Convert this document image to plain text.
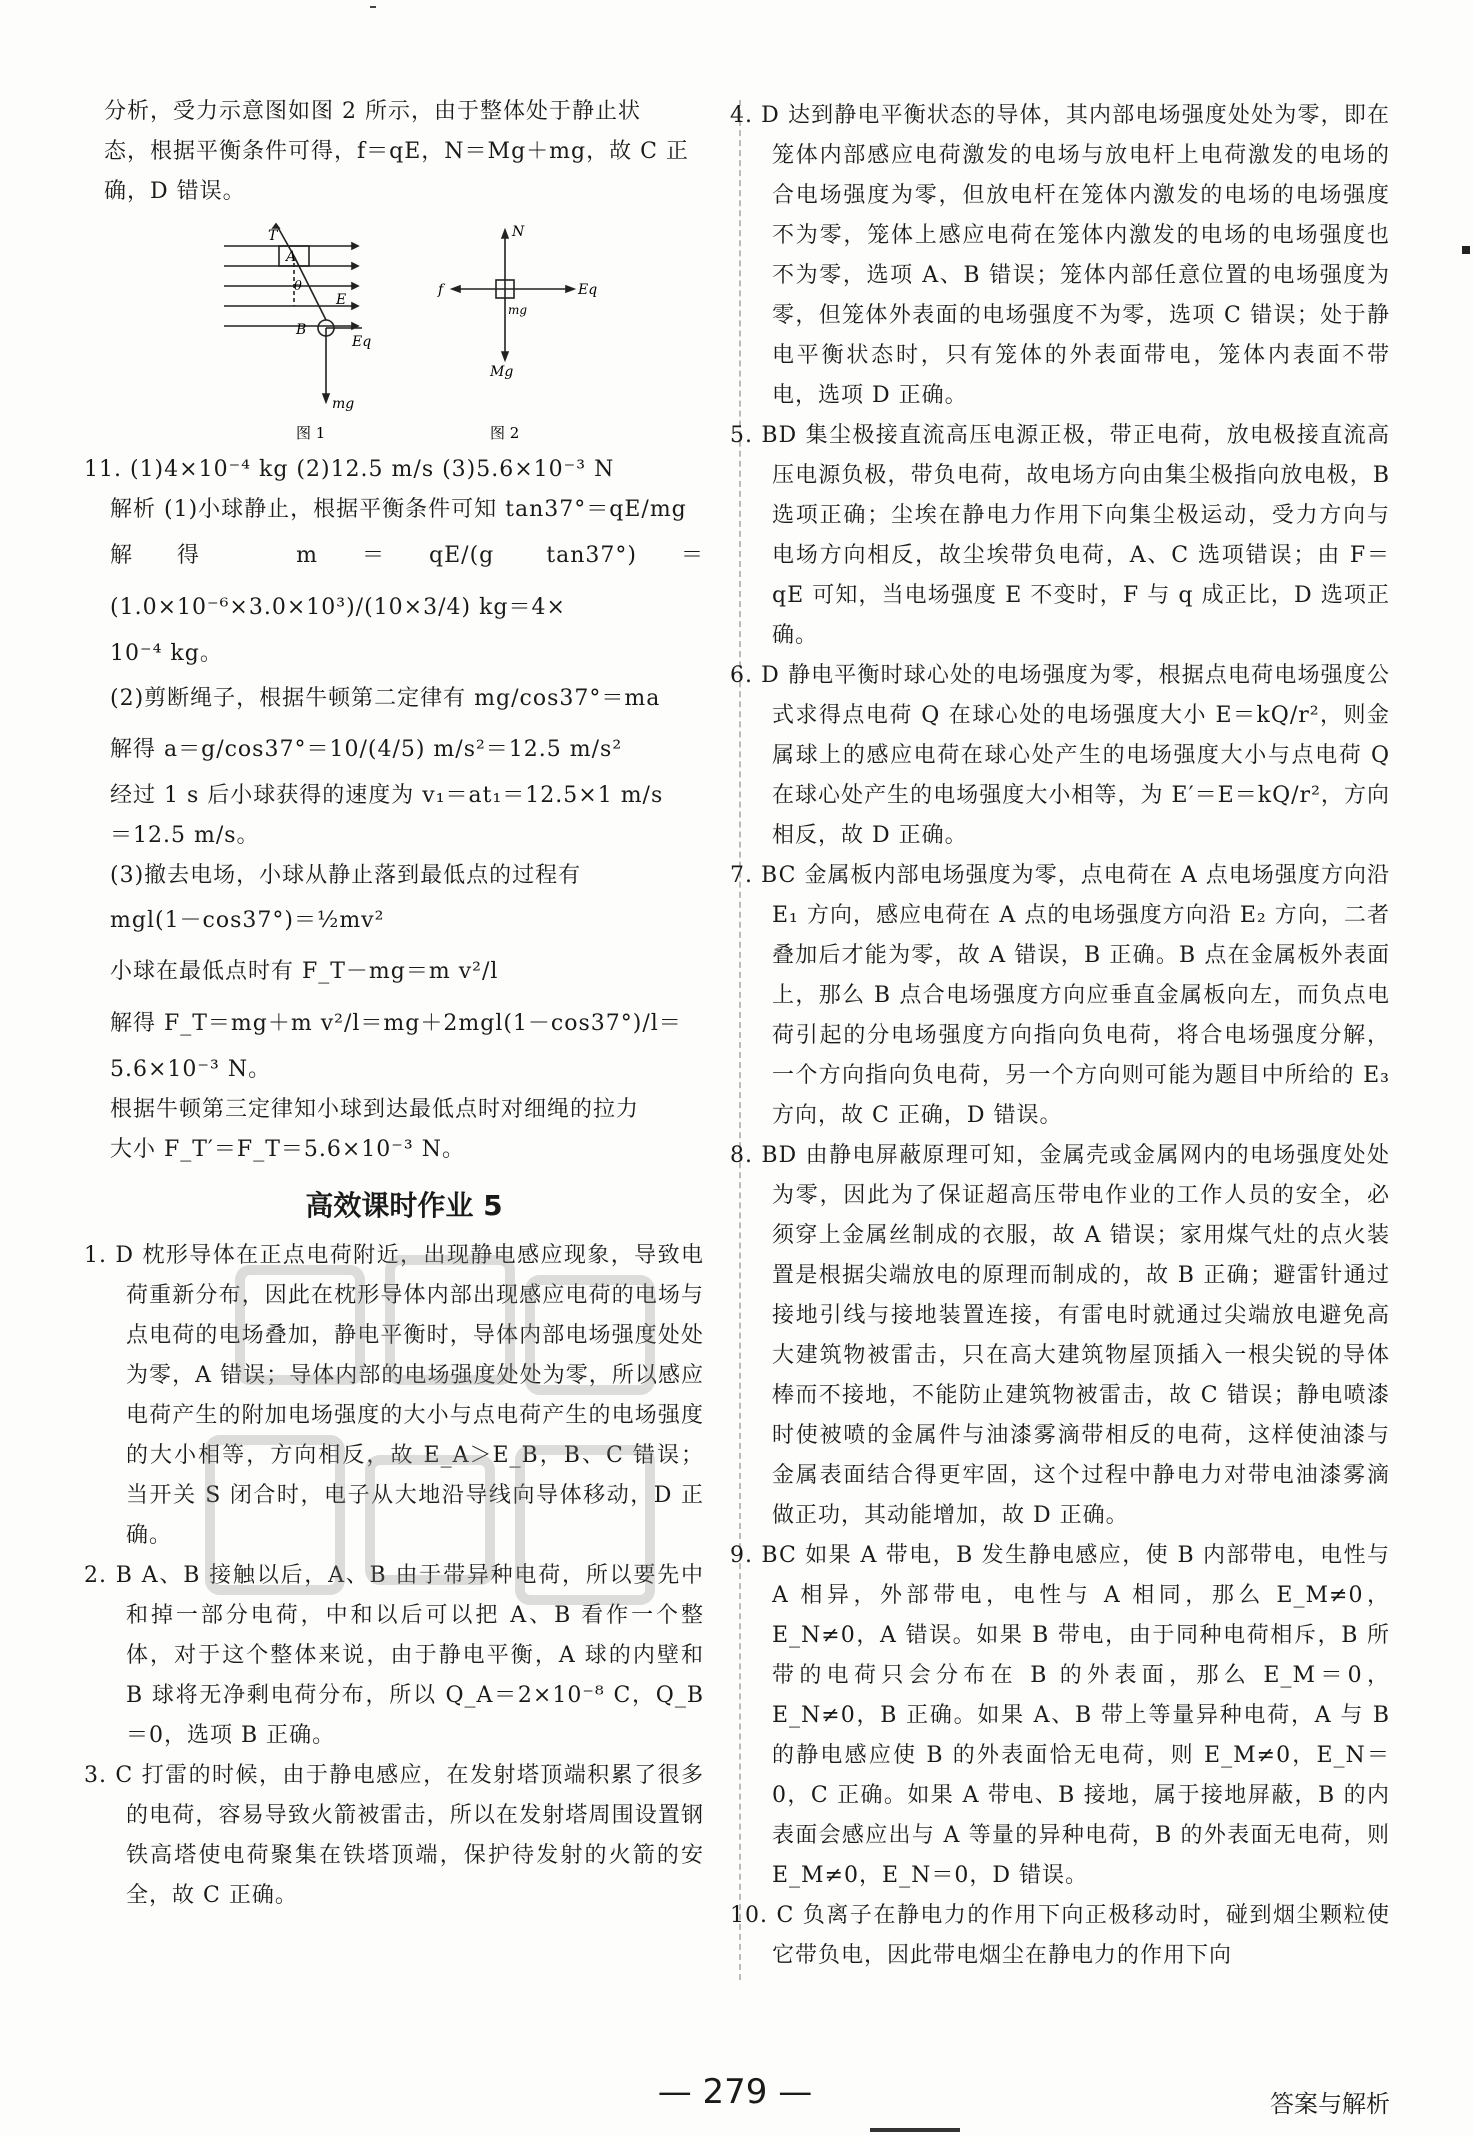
分析，受力示意图如图 2 所示，由于整体处于静止状

态，根据平衡条件可得，f＝qE，N＝Mg＋mg，故 C 正

确，D 错误。

T
A
θ
E
B
Eq
mg
图 1
N
f	Eq
mg
Mg
图 2

11. (1)4×10⁻⁴ kg (2)12.5 m/s (3)5.6×10⁻³ N

解析 (1)小球静止，根据平衡条件可知 tan37°＝qE/mg

解得 m＝qE/(g tan37°)＝(1.0×10⁻⁶×3.0×10³)/(10×3/4) kg＝4×

10⁻⁴ kg。

(2)剪断绳子，根据牛顿第二定律有 mg/cos37°＝ma

解得 a＝g/cos37°＝10/(4/5) m/s²＝12.5 m/s²

经过 1 s 后小球获得的速度为 v₁＝at₁＝12.5×1 m/s

＝12.5 m/s。

(3)撤去电场，小球从静止落到最低点的过程有

mgl(1－cos37°)＝½mv²

小球在最低点时有 F_T－mg＝m v²/l

解得 F_T＝mg＋m v²/l＝mg＋2mgl(1－cos37°)/l＝

5.6×10⁻³ N。

根据牛顿第三定律知小球到达最低点时对细绳的拉力

大小 F_T′＝F_T＝5.6×10⁻³ N。

高效课时作业 5

1. D 枕形导体在正点电荷附近，出现静电感应现象，导致电荷重新分布，因此在枕形导体内部出现感应电荷的电场与点电荷的电场叠加，静电平衡时，导体内部电场强度处处为零，A 错误；导体内部的电场强度处处为零，所以感应电荷产生的附加电场强度的大小与点电荷产生的电场强度的大小相等，方向相反，故 E_A＞E_B，B、C 错误；当开关 S 闭合时，电子从大地沿导线向导体移动，D 正确。

2. B A、B 接触以后，A、B 由于带异种电荷，所以要先中和掉一部分电荷，中和以后可以把 A、B 看作一个整体，对于这个整体来说，由于静电平衡，A 球的内壁和 B 球将无净剩电荷分布，所以 Q_A＝2×10⁻⁸ C，Q_B＝0，选项 B 正确。

3. C 打雷的时候，由于静电感应，在发射塔顶端积累了很多的电荷，容易导致火箭被雷击，所以在发射塔周围设置钢铁高塔使电荷聚集在铁塔顶端，保护待发射的火箭的安全，故 C 正确。

4. D 达到静电平衡状态的导体，其内部电场强度处处为零，即在笼体内部感应电荷激发的电场与放电杆上电荷激发的电场的合电场强度为零，但放电杆在笼体内激发的电场的电场强度不为零，笼体上感应电荷在笼体内激发的电场的电场强度也不为零，选项 A、B 错误；笼体内部任意位置的电场强度为零，但笼体外表面的电场强度不为零，选项 C 错误；处于静电平衡状态时，只有笼体的外表面带电，笼体内表面不带电，选项 D 正确。

5. BD 集尘极接直流高压电源正极，带正电荷，放电极接直流高压电源负极，带负电荷，故电场方向由集尘极指向放电极，B 选项正确；尘埃在静电力作用下向集尘极运动，受力方向与电场方向相反，故尘埃带负电荷，A、C 选项错误；由 F＝qE 可知，当电场强度 E 不变时，F 与 q 成正比，D 选项正确。

6. D 静电平衡时球心处的电场强度为零，根据点电荷电场强度公式求得点电荷 Q 在球心处的电场强度大小 E＝kQ/r²，则金属球上的感应电荷在球心处产生的电场强度大小与点电荷 Q 在球心处产生的电场强度大小相等，为 E′＝E＝kQ/r²，方向相反，故 D 正确。

7. BC 金属板内部电场强度为零，点电荷在 A 点电场强度方向沿 E₁ 方向，感应电荷在 A 点的电场强度方向沿 E₂ 方向，二者叠加后才能为零，故 A 错误，B 正确。B 点在金属板外表面上，那么 B 点合电场强度方向应垂直金属板向左，而负点电荷引起的分电场强度方向指向负电荷，将合电场强度分解，一个方向指向负电荷，另一个方向则可能为题目中所给的 E₃ 方向，故 C 正确，D 错误。

8. BD 由静电屏蔽原理可知，金属壳或金属网内的电场强度处处为零，因此为了保证超高压带电作业的工作人员的安全，必须穿上金属丝制成的衣服，故 A 错误；家用煤气灶的点火装置是根据尖端放电的原理而制成的，故 B 正确；避雷针通过接地引线与接地装置连接，有雷电时就通过尖端放电避免高大建筑物被雷击，只在高大建筑物屋顶插入一根尖锐的导体棒而不接地，不能防止建筑物被雷击，故 C 错误；静电喷漆时使被喷的金属件与油漆雾滴带相反的电荷，这样使油漆与金属表面结合得更牢固，这个过程中静电力对带电油漆雾滴做正功，其动能增加，故 D 正确。

9. BC 如果 A 带电，B 发生静电感应，使 B 内部带电，电性与 A 相异，外部带电，电性与 A 相同，那么 E_M≠0，E_N≠0，A 错误。如果 B 带电，由于同种电荷相斥，B 所带的电荷只会分布在 B 的外表面，那么 E_M＝0，E_N≠0，B 正确。如果 A、B 带上等量异种电荷，A 与 B 的静电感应使 B 的外表面恰无电荷，则 E_M≠0，E_N＝0，C 正确。如果 A 带电、B 接地，属于接地屏蔽，B 的内表面会感应出与 A 等量的异种电荷，B 的外表面无电荷，则 E_M≠0，E_N＝0，D 错误。

10. C 负离子在静电力的作用下向正极移动时，碰到烟尘颗粒使它带负电，因此带电烟尘在静电力的作用下向

— 279 —	答案与解析
